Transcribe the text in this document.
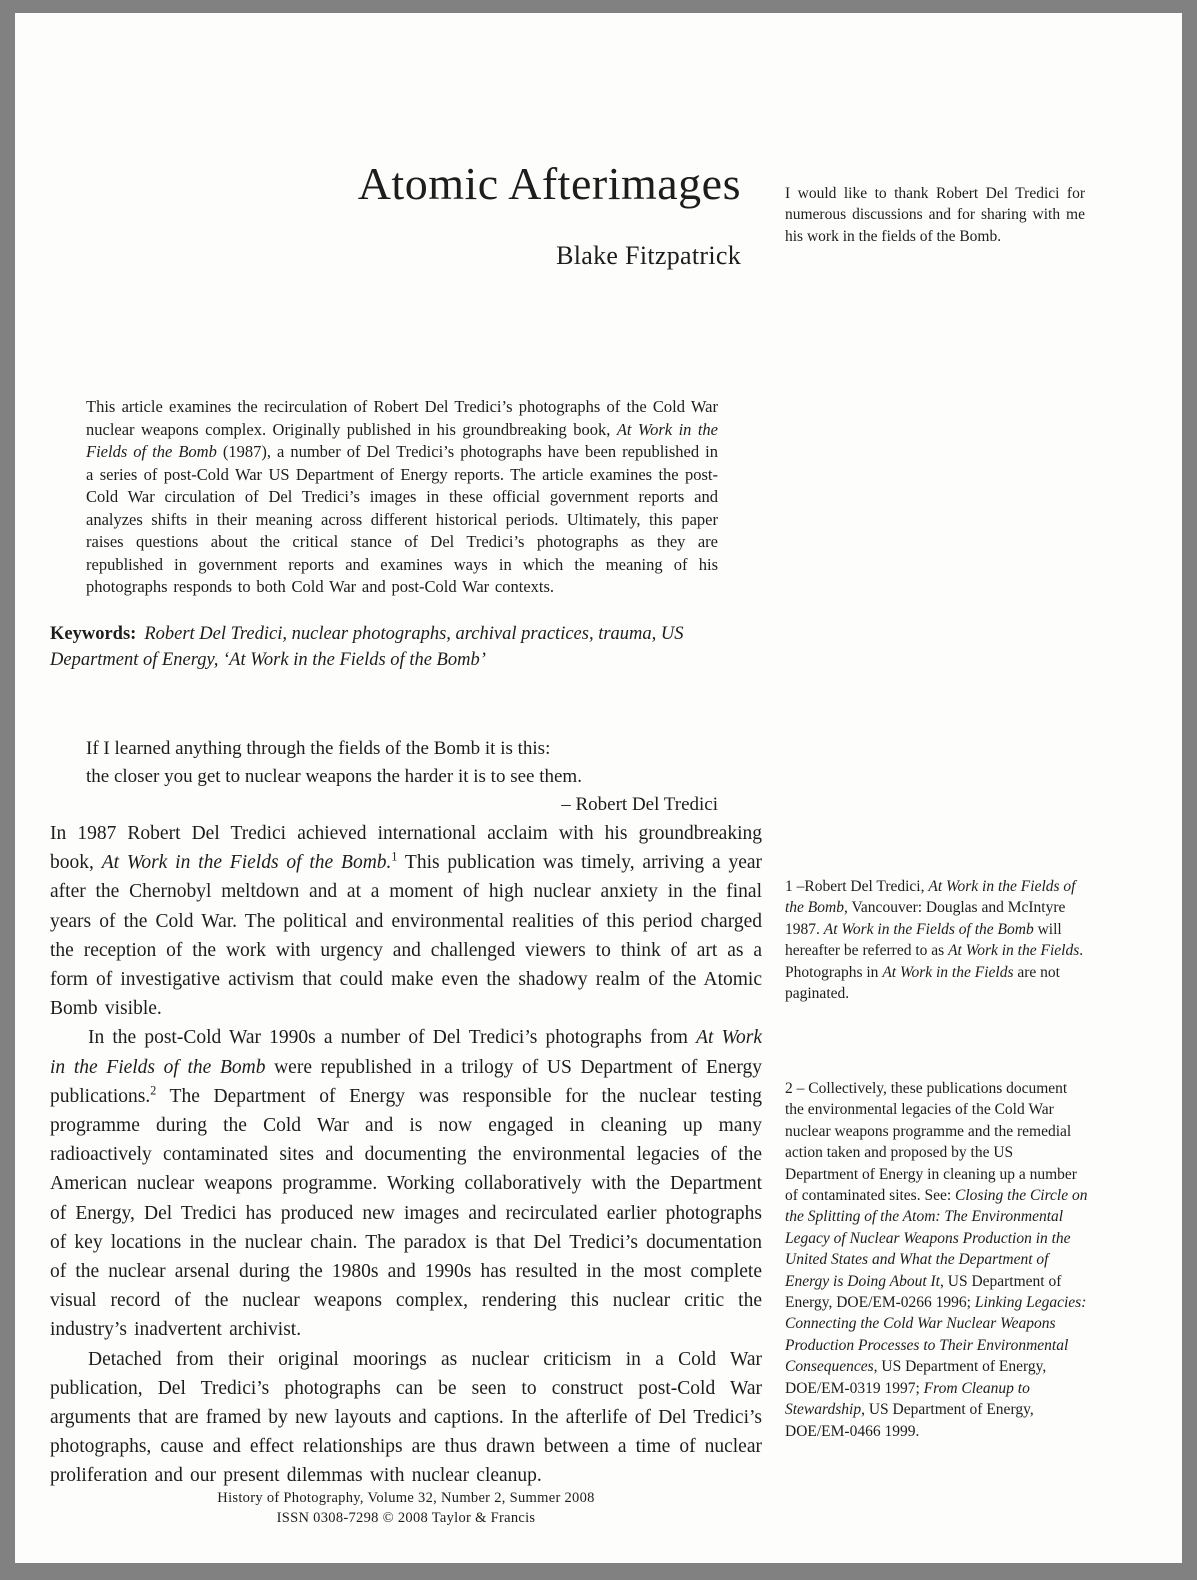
Atomic Afterimages
Blake Fitzpatrick
I would like to thank Robert Del Tredici for numerous discussions and for sharing with me his work in the fields of the Bomb.
This article examines the recirculation of Robert Del Tredici’s photographs of the Cold War nuclear weapons complex. Originally published in his groundbreaking book, At Work in the Fields of the Bomb (1987), a number of Del Tredici’s photographs have been republished in a series of post-Cold War US Department of Energy reports. The article examines the post-Cold War circulation of Del Tredici’s images in these official government reports and analyzes shifts in their meaning across different historical periods. Ultimately, this paper raises questions about the critical stance of Del Tredici’s photographs as they are republished in government reports and examines ways in which the meaning of his photographs responds to both Cold War and post-Cold War contexts.
Keywords: Robert Del Tredici, nuclear photographs, archival practices, trauma, US Department of Energy, ‘At Work in the Fields of the Bomb’
If I learned anything through the fields of the Bomb it is this:
the closer you get to nuclear weapons the harder it is to see them.
– Robert Del Tredici

In 1987 Robert Del Tredici achieved international acclaim with his groundbreaking book, At Work in the Fields of the Bomb.$^1$ This publication was timely, arriving a year after the Chernobyl meltdown and at a moment of high nuclear anxiety in the final years of the Cold War. The political and environmental realities of this period charged the reception of the work with urgency and challenged viewers to think of art as a form of investigative activism that could make even the shadowy realm of the Atomic Bomb visible.

In the post-Cold War 1990s a number of Del Tredici’s photographs from At Work in the Fields of the Bomb were republished in a trilogy of US Department of Energy publications.$^2$ The Department of Energy was responsible for the nuclear testing programme during the Cold War and is now engaged in cleaning up many radioactively contaminated sites and documenting the environmental legacies of the American nuclear weapons programme. Working collaboratively with the Department of Energy, Del Tredici has produced new images and recirculated earlier photographs of key locations in the nuclear chain. The paradox is that Del Tredici’s documentation of the nuclear arsenal during the 1980s and 1990s has resulted in the most complete visual record of the nuclear weapons complex, rendering this nuclear critic the industry’s inadvertent archivist.

Detached from their original moorings as nuclear criticism in a Cold War publication, Del Tredici’s photographs can be seen to construct post-Cold War arguments that are framed by new layouts and captions. In the afterlife of Del Tredici’s photographs, cause and effect relationships are thus drawn between a time of nuclear proliferation and our present dilemmas with nuclear cleanup.

1 –Robert Del Tredici, At Work in the Fields of the Bomb, Vancouver: Douglas and McIntyre 1987. At Work in the Fields of the Bomb will hereafter be referred to as At Work in the Fields. Photographs in At Work in the Fields are not paginated.
2 – Collectively, these publications document the environmental legacies of the Cold War nuclear weapons programme and the remedial action taken and proposed by the US Department of Energy in cleaning up a number of contaminated sites. See: Closing the Circle on the Splitting of the Atom: The Environmental Legacy of Nuclear Weapons Production in the United States and What the Department of Energy is Doing About It, US Department of Energy, DOE/EM-0266 1996; Linking Legacies: Connecting the Cold War Nuclear Weapons Production Processes to Their Environmental Consequences, US Department of Energy, DOE/EM-0319 1997; From Cleanup to Stewardship, US Department of Energy, DOE/EM-0466 1999.
History of Photography, Volume 32, Number 2, Summer 2008
ISSN 0308-7298 © 2008 Taylor & Francis
